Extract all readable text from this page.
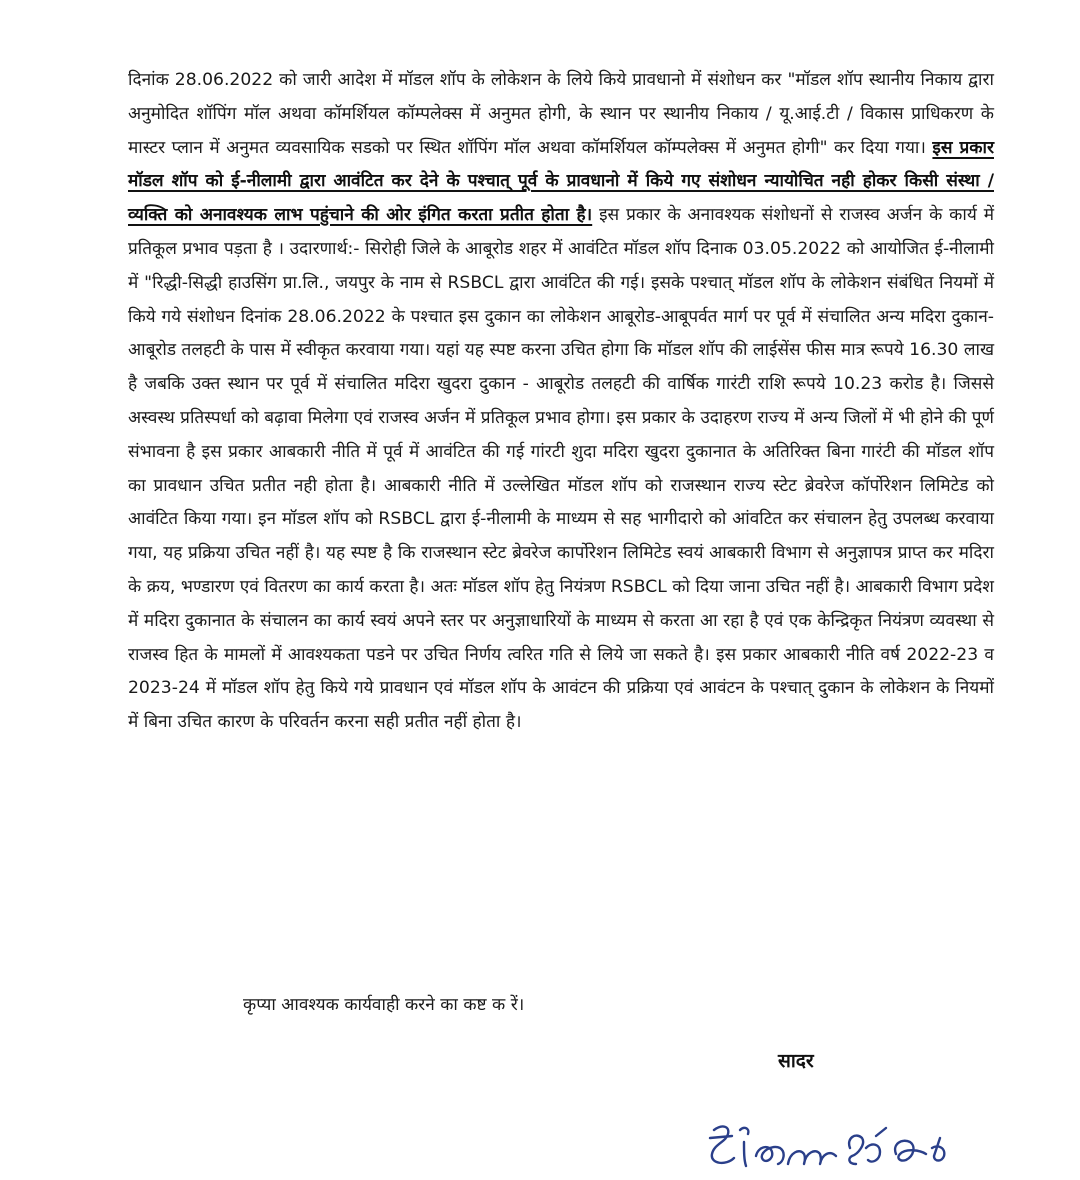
दिनांक 28.06.2022 को जारी आदेश में मॉडल शॉप के लोकेशन के लिये किये प्रावधानो में संशोधन कर "मॉडल शॉप स्थानीय निकाय द्वारा अनुमोदित शॉपिंग मॉल अथवा कॉमर्शियल कॉम्पलेक्स में अनुमत होगी, के स्थान पर स्थानीय निकाय / यू.आई.टी / विकास प्राधिकरण के मास्टर प्लान में अनुमत व्यवसायिक सडको पर स्थित शॉपिंग मॉल अथवा कॉमर्शियल कॉम्पलेक्स में अनुमत होगी" कर दिया गया। इस प्रकार मॉडल शॉप को ई-नीलामी द्वारा आवंटित कर देने के पश्चात् पूर्व के प्रावधानो में किये गए संशोधन न्यायोचित नही होकर किसी संस्था / व्यक्ति को अनावश्यक लाभ पहुंचाने की ओर इंगित करता प्रतीत होता है। इस प्रकार के अनावश्यक संशोधनों से राजस्व अर्जन के कार्य में प्रतिकूल प्रभाव पड़ता है । उदारणार्थ:- सिरोही जिले के आबूरोड शहर में आवंटित मॉडल शॉप दिनाक 03.05.2022 को आयोजित ई-नीलामी में "रिद्धी-सिद्धी हाउसिंग प्रा.लि., जयपुर के नाम से RSBCL द्वारा आवंटित की गई। इसके पश्चात् मॉडल शॉप के लोकेशन संबंधित नियमों में किये गये संशोधन दिनांक 28.06.2022 के पश्चात इस दुकान का लोकेशन आबूरोड-आबूपर्वत मार्ग पर पूर्व में संचालित अन्य मदिरा दुकान-आबूरोड तलहटी के पास में स्वीकृत करवाया गया। यहां यह स्पष्ट करना उचित होगा कि मॉडल शॉप की लाईसेंस फीस मात्र रूपये 16.30 लाख है जबकि उक्त स्थान पर पूर्व में संचालित मदिरा खुदरा दुकान - आबूरोड तलहटी की वार्षिक गारंटी राशि रूपये 10.23 करोड है। जिससे अस्वस्थ प्रतिस्पर्धा को बढ़ावा मिलेगा एवं राजस्व अर्जन में प्रतिकूल प्रभाव होगा। इस प्रकार के उदाहरण राज्य में अन्य जिलों में भी होने की पूर्ण संभावना है इस प्रकार आबकारी नीति में पूर्व में आवंटित की गई गांरटी शुदा मदिरा खुदरा दुकानात के अतिरिक्त बिना गारंटी की मॉडल शॉप का प्रावधान उचित प्रतीत नही होता है। आबकारी नीति में उल्लेखित मॉडल शॉप को राजस्थान राज्य स्टेट ब्रेवरेज कॉर्पोरेशन लिमिटेड को आवंटित किया गया। इन मॉडल शॉप को RSBCL द्वारा ई-नीलामी के माध्यम से सह भागीदारो को आंवटित कर संचालन हेतु उपलब्ध करवाया गया, यह प्रक्रिया उचित नहीं है। यह स्पष्ट है कि राजस्थान स्टेट ब्रेवरेज कार्पोरेशन लिमिटेड स्वयं आबकारी विभाग से अनुज्ञापत्र प्राप्त कर मदिरा के क्रय, भण्डारण एवं वितरण का कार्य करता है। अतः मॉडल शॉप हेतु नियंत्रण RSBCL को दिया जाना उचित नहीं है। आबकारी विभाग प्रदेश में मदिरा दुकानात के संचालन का कार्य स्वयं अपने स्तर पर अनुज्ञाधारियों के माध्यम से करता आ रहा है एवं एक केन्द्रिकृत नियंत्रण व्यवस्था से राजस्व हित के मामलों में आवश्यकता पडने पर उचित निर्णय त्वरित गति से लिये जा सकते है। इस प्रकार आबकारी नीति वर्ष 2022-23 व 2023-24 में मॉडल शॉप हेतु किये गये प्रावधान एवं मॉडल शॉप के आवंटन की प्रक्रिया एवं आवंटन के पश्चात् दुकान के लोकेशन के नियमों में बिना उचित कारण के परिवर्तन करना सही प्रतीत नहीं होता है।

कृप्या आवश्यक कार्यवाही करने का कष्ट क रें।

सादर
